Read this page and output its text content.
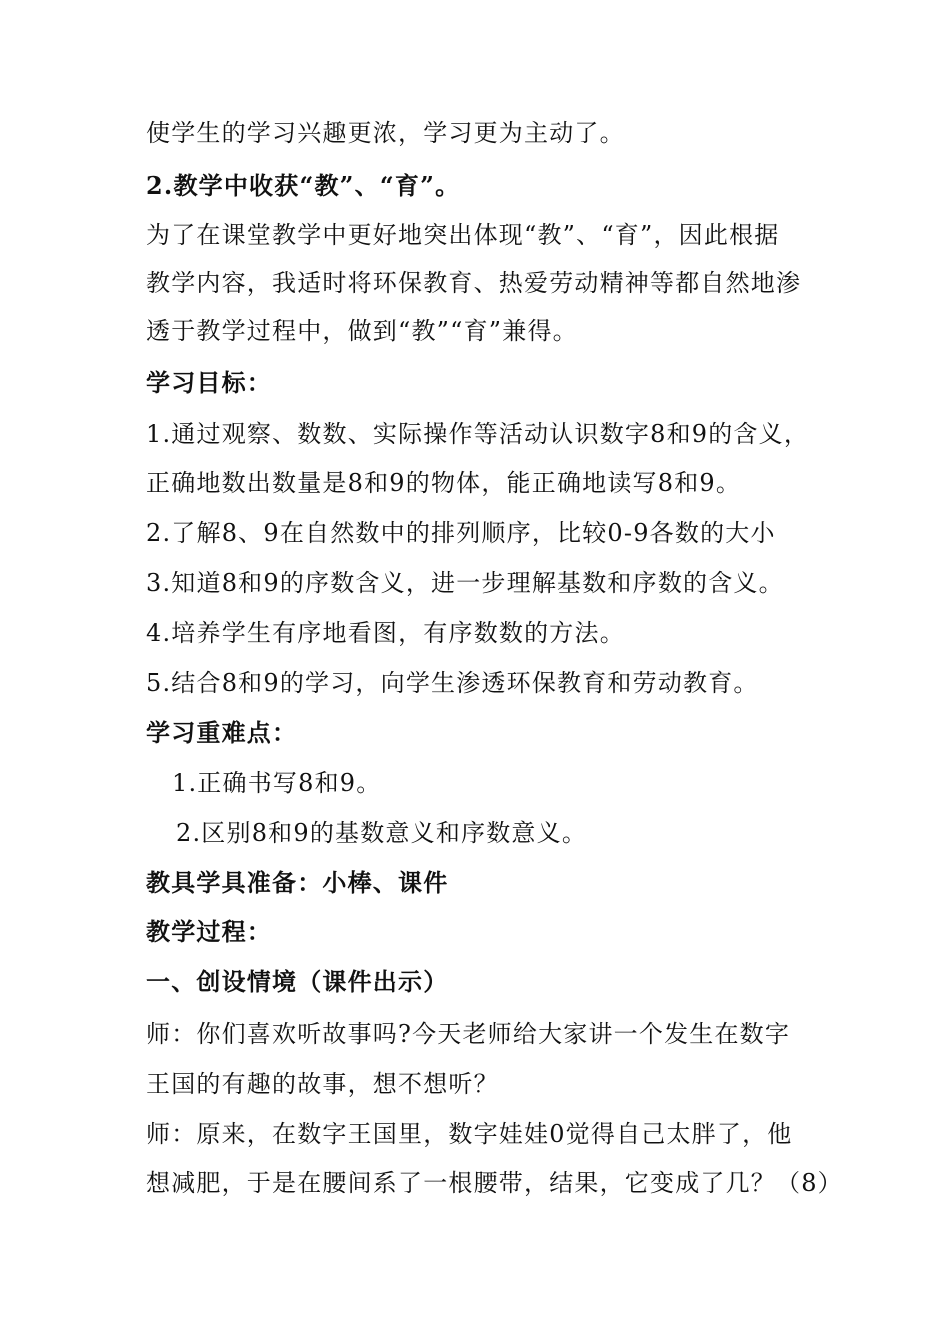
使学生的学习兴趣更浓，学习更为主动了。
2.教学中收获“教”、“育”。
为了在课堂教学中更好地突出体现“教”、“育”，因此根据
教学内容，我适时将环保教育、热爱劳动精神等都自然地渗
透于教学过程中，做到“教”“育”兼得。
学习目标：
1.通过观察、数数、实际操作等活动认识数字8和9的含义，
正确地数出数量是8和9的物体，能正确地读写8和9。
2.了解8、9在自然数中的排列顺序，比较0-9各数的大小
3.知道8和9的序数含义，进一步理解基数和序数的含义。
4.培养学生有序地看图，有序数数的方法。
5.结合8和9的学习，向学生渗透环保教育和劳动教育。
学习重难点：
1.正确书写8和9。
2.区别8和9的基数意义和序数意义。
教具学具准备：小棒、课件
教学过程：
一、创设情境（课件出示）
师：你们喜欢听故事吗?今天老师给大家讲一个发生在数字
王国的有趣的故事，想不想听？
师：原来，在数字王国里，数字娃娃0觉得自己太胖了，他
想减肥，于是在腰间系了一根腰带，结果，它变成了几？（8）
